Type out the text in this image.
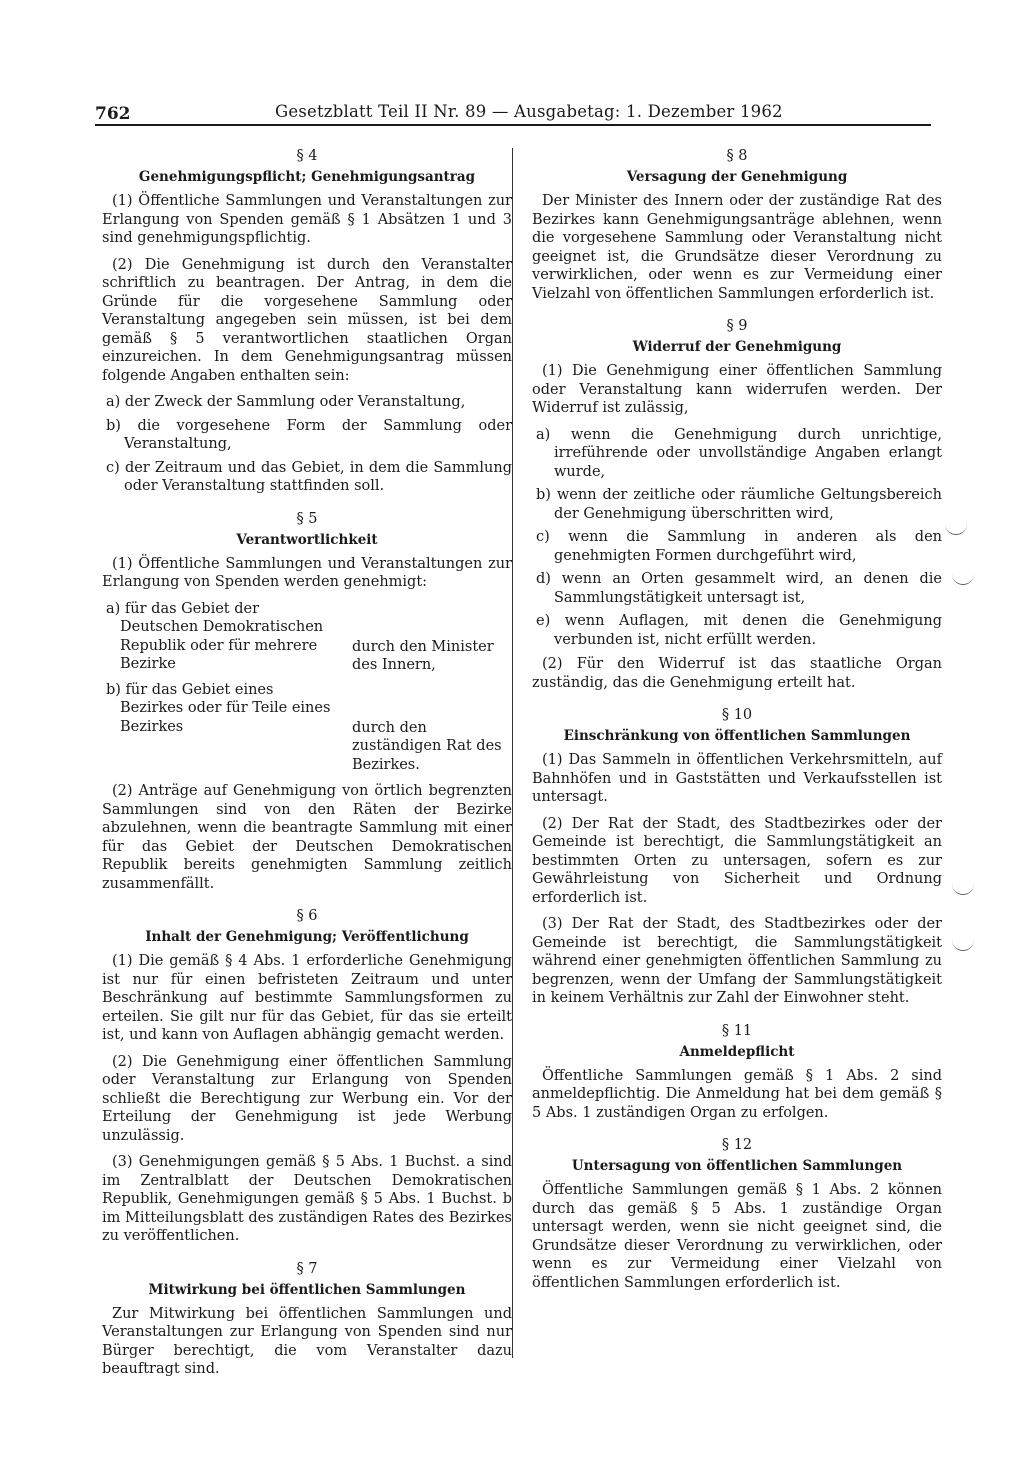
762	Gesetzblatt Teil II Nr. 89 — Ausgabetag: 1. Dezember 1962
§ 4
Genehmigungspflicht; Genehmigungsantrag

(1) Öffentliche Sammlungen und Veranstaltungen zur Erlangung von Spenden gemäß § 1 Absätzen 1 und 3 sind genehmigungspflichtig.

(2) Die Genehmigung ist durch den Veranstalter schriftlich zu beantragen. Der Antrag, in dem die Gründe für die vorgesehene Sammlung oder Veranstaltung angegeben sein müssen, ist bei dem gemäß § 5 verantwortlichen staatlichen Organ einzureichen. In dem Genehmigungsantrag müssen folgende Angaben enthalten sein:

a) der Zweck der Sammlung oder Veranstaltung,
b) die vorgesehene Form der Sammlung oder Veranstaltung,
c) der Zeitraum und das Gebiet, in dem die Sammlung oder Veranstaltung stattfinden soll.
§ 5
Verantwortlichkeit

(1) Öffentliche Sammlungen und Veranstaltungen zur Erlangung von Spenden werden genehmigt:

a) für das Gebiet der Deutschen Demokratischen Republik oder für mehrere Bezirke
durch den Minister des Innern,
b) für das Gebiet eines Bezirkes oder für Teile eines Bezirkes	durch den zuständigen Rat des Bezirkes.

(2) Anträge auf Genehmigung von örtlich begrenzten Sammlungen sind von den Räten der Bezirke abzulehnen, wenn die beantragte Sammlung mit einer für das Gebiet der Deutschen Demokratischen Republik bereits genehmigten Sammlung zeitlich zusammenfällt.

§ 6
Inhalt der Genehmigung; Veröffentlichung

(1) Die gemäß § 4 Abs. 1 erforderliche Genehmigung ist nur für einen befristeten Zeitraum und unter Beschränkung auf bestimmte Sammlungsformen zu erteilen. Sie gilt nur für das Gebiet, für das sie erteilt ist, und kann von Auflagen abhängig gemacht werden.

(2) Die Genehmigung einer öffentlichen Sammlung oder Veranstaltung zur Erlangung von Spenden schließt die Berechtigung zur Werbung ein. Vor der Erteilung der Genehmigung ist jede Werbung unzulässig.

(3) Genehmigungen gemäß § 5 Abs. 1 Buchst. a sind im Zentralblatt der Deutschen Demokratischen Republik, Genehmigungen gemäß § 5 Abs. 1 Buchst. b im Mitteilungsblatt des zuständigen Rates des Bezirkes zu veröffentlichen.

§ 7
Mitwirkung bei öffentlichen Sammlungen

Zur Mitwirkung bei öffentlichen Sammlungen und Veranstaltungen zur Erlangung von Spenden sind nur Bürger berechtigt, die vom Veranstalter dazu beauftragt sind.

§ 8
Versagung der Genehmigung

Der Minister des Innern oder der zuständige Rat des Bezirkes kann Genehmigungsanträge ablehnen, wenn die vorgesehene Sammlung oder Veranstaltung nicht geeignet ist, die Grundsätze dieser Verordnung zu verwirklichen, oder wenn es zur Vermeidung einer Vielzahl von öffentlichen Sammlungen erforderlich ist.

§ 9
Widerruf der Genehmigung

(1) Die Genehmigung einer öffentlichen Sammlung oder Veranstaltung kann widerrufen werden. Der Widerruf ist zulässig,

a) wenn die Genehmigung durch unrichtige, irreführende oder unvollständige Angaben erlangt wurde,
b) wenn der zeitliche oder räumliche Geltungsbereich der Genehmigung überschritten wird,
c) wenn die Sammlung in anderen als den genehmigten Formen durchgeführt wird,
d) wenn an Orten gesammelt wird, an denen die Sammlungstätigkeit untersagt ist,
e) wenn Auflagen, mit denen die Genehmigung verbunden ist, nicht erfüllt werden.

(2) Für den Widerruf ist das staatliche Organ zuständig, das die Genehmigung erteilt hat.

§ 10
Einschränkung von öffentlichen Sammlungen

(1) Das Sammeln in öffentlichen Verkehrsmitteln, auf Bahnhöfen und in Gaststätten und Verkaufsstellen ist untersagt.

(2) Der Rat der Stadt, des Stadtbezirkes oder der Gemeinde ist berechtigt, die Sammlungstätigkeit an bestimmten Orten zu untersagen, sofern es zur Gewährleistung von Sicherheit und Ordnung erforderlich ist.

(3) Der Rat der Stadt, des Stadtbezirkes oder der Gemeinde ist berechtigt, die Sammlungstätigkeit während einer genehmigten öffentlichen Sammlung zu begrenzen, wenn der Umfang der Sammlungstätigkeit in keinem Verhältnis zur Zahl der Einwohner steht.

§ 11
Anmeldepflicht

Öffentliche Sammlungen gemäß § 1 Abs. 2 sind anmeldepflichtig. Die Anmeldung hat bei dem gemäß § 5 Abs. 1 zuständigen Organ zu erfolgen.

§ 12
Untersagung von öffentlichen Sammlungen

Öffentliche Sammlungen gemäß § 1 Abs. 2 können durch das gemäß § 5 Abs. 1 zuständige Organ untersagt werden, wenn sie nicht geeignet sind, die Grundsätze dieser Verordnung zu verwirklichen, oder wenn es zur Vermeidung einer Vielzahl von öffentlichen Sammlungen erforderlich ist.
